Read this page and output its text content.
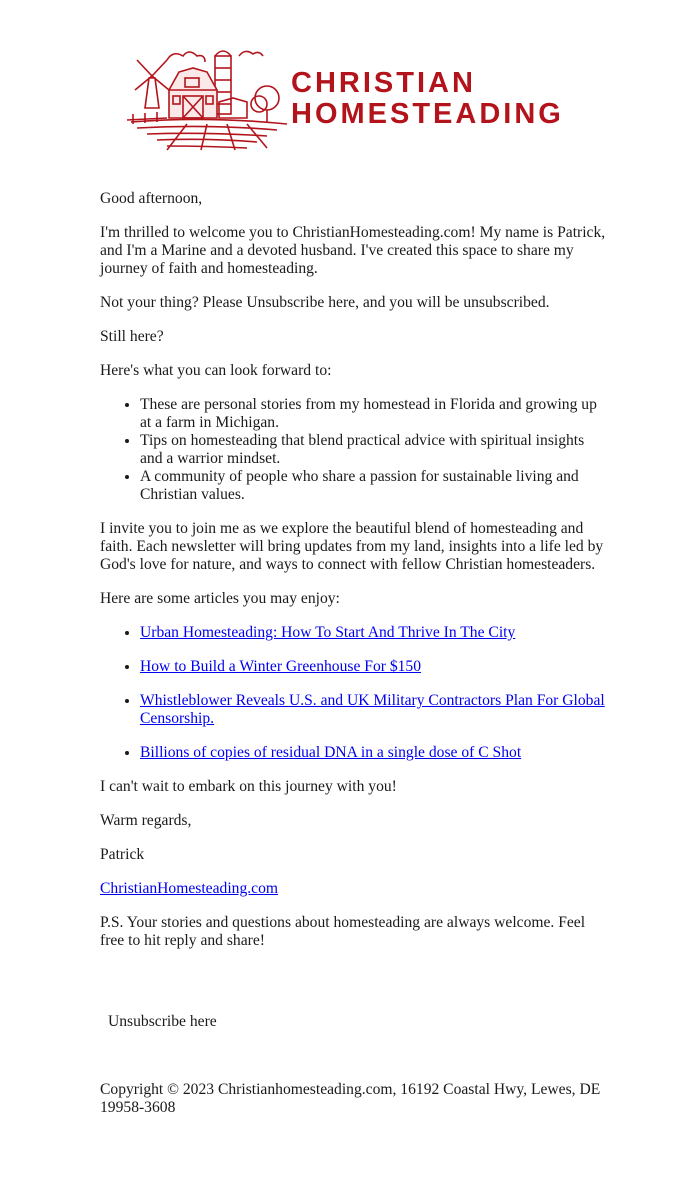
CHRISTIAN
HOMESTEADING

Good afternoon,

I'm thrilled to welcome you to ChristianHomesteading.com! My name is Patrick, and I'm a Marine and a devoted husband. I've created this space to share my journey of faith and homesteading.

Not your thing? Please Unsubscribe here, and you will be unsubscribed.

Still here?

Here's what you can look forward to:

• These are personal stories from my homestead in Florida and growing up at a farm in Michigan.
• Tips on homesteading that blend practical advice with spiritual insights and a warrior mindset.
• A community of people who share a passion for sustainable living and Christian values.

I invite you to join me as we explore the beautiful blend of homesteading and faith. Each newsletter will bring updates from my land, insights into a life led by God's love for nature, and ways to connect with fellow Christian homesteaders.

Here are some articles you may enjoy:

• Urban Homesteading: How To Start And Thrive In The City
• How to Build a Winter Greenhouse For $150
• Whistleblower Reveals U.S. and UK Military Contractors Plan For Global Censorship.
• Billions of copies of residual DNA in a single dose of C Shot

I can't wait to embark on this journey with you!

Warm regards,

Patrick

ChristianHomesteading.com

P.S. Your stories and questions about homesteading are always welcome. Feel free to hit reply and share!

Unsubscribe here
Copyright © 2023 Christianhomesteading.com, 16192 Coastal Hwy, Lewes, DE 19958-3608
